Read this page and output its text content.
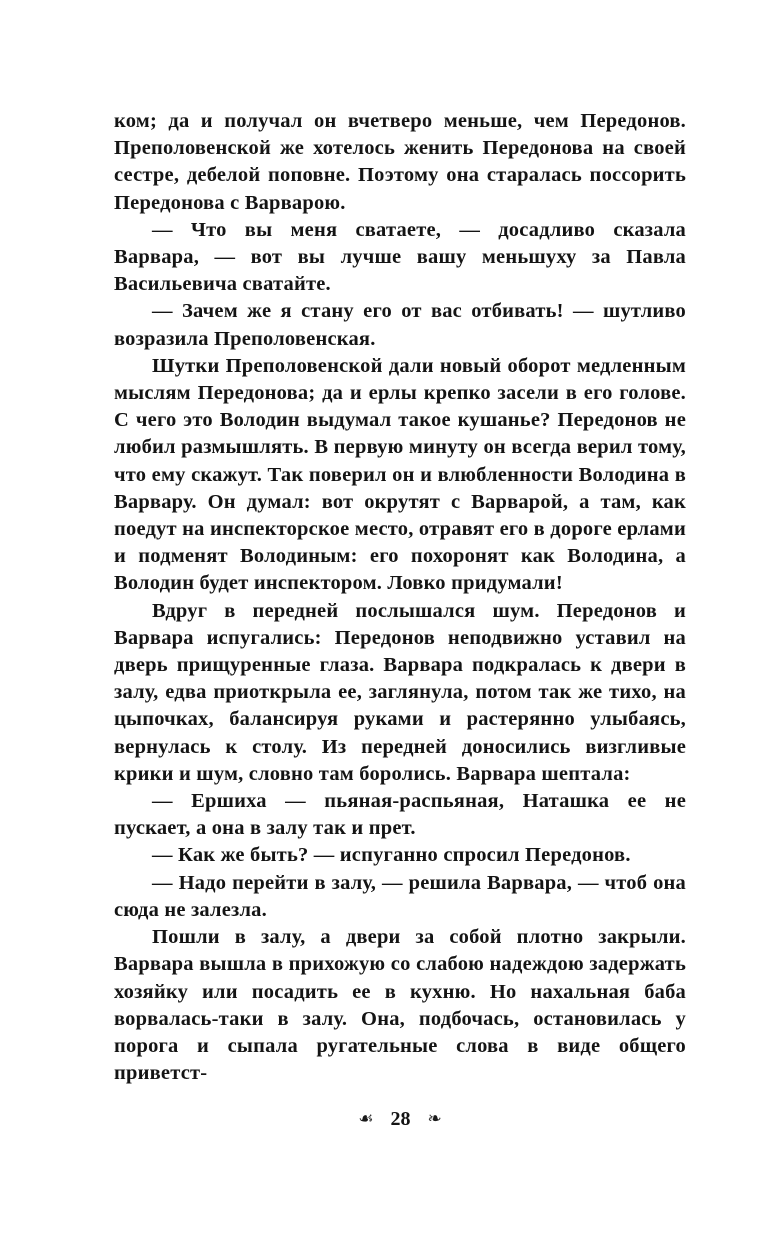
ком; да и получал он вчетверо меньше, чем Передонов. Преполовенской же хотелось женить Передонова на своей сестре, дебелой поповне. Поэтому она старалась поссорить Передонова с Варварою.

— Что вы меня сватаете, — досадливо сказала Варвара, — вот вы лучше вашу меньшуху за Павла Васильевича сватайте.

— Зачем же я стану его от вас отбивать! — шутливо возразила Преполовенская.

Шутки Преполовенской дали новый оборот медленным мыслям Передонова; да и ерлы крепко засели в его голове. С чего это Володин выдумал такое кушанье? Передонов не любил размышлять. В первую минуту он всегда верил тому, что ему скажут. Так поверил он и влюбленности Володина в Варвару. Он думал: вот окрутят с Варварой, а там, как поедут на инспекторское место, отравят его в дороге ерлами и подменят Володиным: его похоронят как Володина, а Володин будет инспектором. Ловко придумали!

Вдруг в передней послышался шум. Передонов и Варвара испугались: Передонов неподвижно уставил на дверь прищуренные глаза. Варвара подкралась к двери в залу, едва приоткрыла ее, заглянула, потом так же тихо, на цыпочках, балансируя руками и растерянно улыбаясь, вернулась к столу. Из передней доносились визгливые крики и шум, словно там боролись. Варвара шептала:

— Ершиха — пьяная-распьяная, Наташка ее не пускает, а она в залу так и прет.

— Как же быть? — испуганно спросил Передонов.

— Надо перейти в залу, — решила Варвара, — чтоб она сюда не залезла.

Пошли в залу, а двери за собой плотно закрыли. Варвара вышла в прихожую со слабою надеждою задержать хозяйку или посадить ее в кухню. Но нахальная баба ворвалась-таки в залу. Она, подбочась, остановилась у порога и сыпала ругательные слова в виде общего приветст-

☙ 28 ❧
